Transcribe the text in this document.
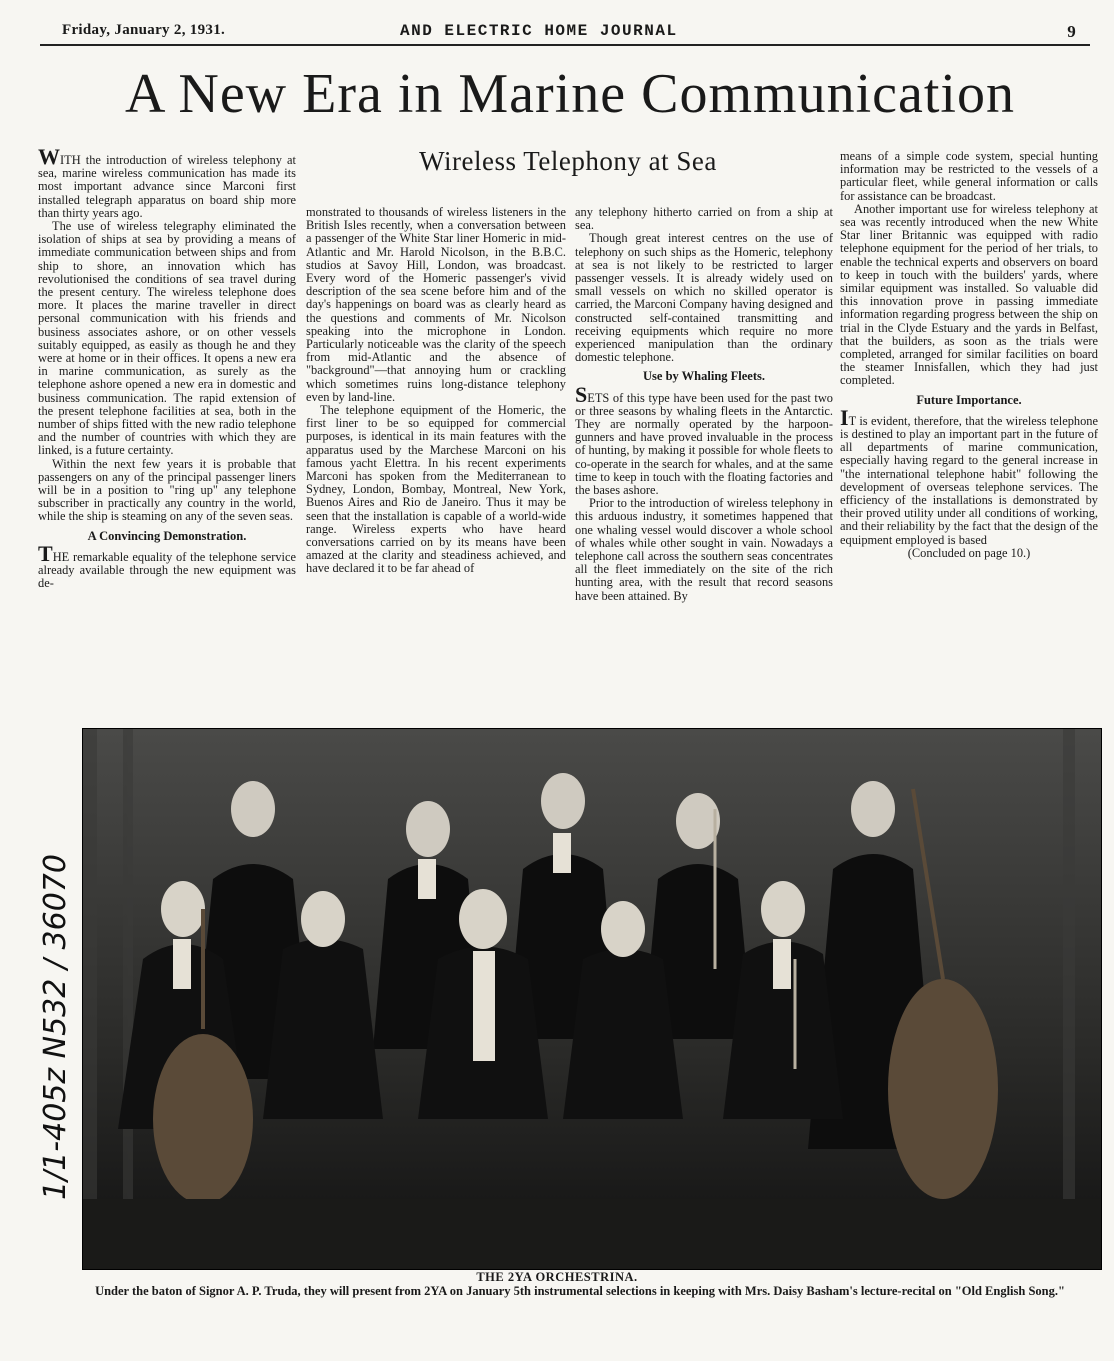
Friday, January 2, 1931.	AND ELECTRIC HOME JOURNAL	9
A New Era in Marine Communication
Wireless Telephony at Sea

WITH the introduction of wireless telephony at sea, marine wireless communication has made its most important advance since Marconi first installed telegraph apparatus on board ship more than thirty years ago.

The use of wireless telegraphy eliminated the isolation of ships at sea by providing a means of immediate communication between ships and from ship to shore, an innovation which has revolutionised the conditions of sea travel during the present century. The wireless telephone does more. It places the marine traveller in direct personal communication with his friends and business associates ashore, or on other vessels suitably equipped, as easily as though he and they were at home or in their offices. It opens a new era in marine communication, as surely as the telephone ashore opened a new era in domestic and business communication. The rapid extension of the present telephone facilities at sea, both in the number of ships fitted with the new radio telephone and the number of countries with which they are linked, is a future certainty.

Within the next few years it is probable that passengers on any of the principal passenger liners will be in a position to "ring up" any telephone subscriber in practically any country in the world, while the ship is steaming on any of the seven seas.

A Convincing Demonstration.

THE remarkable equality of the telephone service already available through the new equipment was de-

monstrated to thousands of wireless listeners in the British Isles recently, when a conversation between a passenger of the White Star liner Homeric in mid-Atlantic and Mr. Harold Nicolson, in the B.B.C. studios at Savoy Hill, London, was broadcast. Every word of the Homeric passenger's vivid description of the sea scene before him and of the day's happenings on board was as clearly heard as the questions and comments of Mr. Nicolson speaking into the microphone in London. Particularly noticeable was the clarity of the speech from mid-Atlantic and the absence of "background"—that annoying hum or crackling which sometimes ruins long-distance telephony even by land-line.

The telephone equipment of the Homeric, the first liner to be so equipped for commercial purposes, is identical in its main features with the apparatus used by the Marchese Marconi on his famous yacht Elettra. In his recent experiments Marconi has spoken from the Mediterranean to Sydney, London, Bombay, Montreal, New York, Buenos Aires and Rio de Janeiro. Thus it may be seen that the installation is capable of a world-wide range. Wireless experts who have heard conversations carried on by its means have been amazed at the clarity and steadiness achieved, and have declared it to be far ahead of

any telephony hitherto carried on from a ship at sea.

Though great interest centres on the use of telephony on such ships as the Homeric, telephony at sea is not likely to be restricted to larger passenger vessels. It is already widely used on small vessels on which no skilled operator is carried, the Marconi Company having designed and constructed self-contained transmitting and receiving equipments which require no more experienced manipulation than the ordinary domestic telephone.

Use by Whaling Fleets.

SETS of this type have been used for the past two or three seasons by whaling fleets in the Antarctic. They are normally operated by the harpoon-gunners and have proved invaluable in the process of hunting, by making it possible for whole fleets to co-operate in the search for whales, and at the same time to keep in touch with the floating factories and the bases ashore.

Prior to the introduction of wireless telephony in this arduous industry, it sometimes happened that one whaling vessel would discover a whole school of whales while other sought in vain. Nowadays a telephone call across the southern seas concentrates all the fleet immediately on the site of the rich hunting area, with the result that record seasons have been attained. By

means of a simple code system, special hunting information may be restricted to the vessels of a particular fleet, while general information or calls for assistance can be broadcast.

Another important use for wireless telephony at sea was recently introduced when the new White Star liner Britannic was equipped with radio telephone equipment for the period of her trials, to enable the technical experts and observers on board to keep in touch with the builders' yards, where similar equipment was installed. So valuable did this innovation prove in passing immediate information regarding progress between the ship on trial in the Clyde Estuary and the yards in Belfast, that the builders, as soon as the trials were completed, arranged for similar facilities on board the steamer Innisfallen, which they had just completed.

Future Importance.

IT is evident, therefore, that the wireless telephone is destined to play an important part in the future of all departments of marine communication, especially having regard to the general increase in "the international telephone habit" following the development of overseas telephone services. The efficiency of the installations is demonstrated by their proved utility under all conditions of working, and their reliability by the fact that the design of the equipment employed is based

(Concluded on page 10.)

1/1-405z N532 / 36070
THE 2YA ORCHESTRINA.
Under the baton of Signor A. P. Truda, they will present from 2YA on January 5th instrumental selections in keeping with Mrs. Daisy Basham's lecture-recital on "Old English Song."
